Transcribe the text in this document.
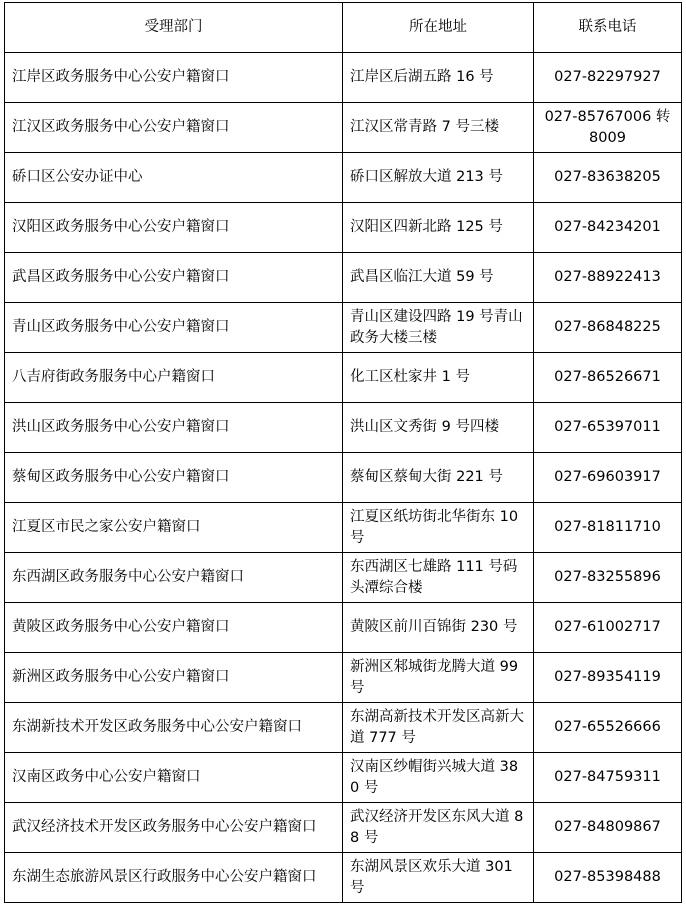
受理部门	所在地址	联系电话
江岸区政务服务中心公安户籍窗口	江岸区后湖五路 16 号	027-82297927
江汉区政务服务中心公安户籍窗口	江汉区常青路 7 号三楼	027-85767006 转 8009
硚口区公安办证中心	硚口区解放大道 213 号	027-83638205
汉阳区政务服务中心公安户籍窗口	汉阳区四新北路 125 号	027-84234201
武昌区政务服务中心公安户籍窗口	武昌区临江大道 59 号	027-88922413
青山区政务服务中心公安户籍窗口	青山区建设四路 19 号青山政务大楼三楼	027-86848225
八吉府街政务服务中心户籍窗口	化工区杜家井 1 号	027-86526671
洪山区政务服务中心公安户籍窗口	洪山区文秀街 9 号四楼	027-65397011
蔡甸区政务服务中心公安户籍窗口	蔡甸区蔡甸大街 221 号	027-69603917
江夏区市民之家公安户籍窗口	江夏区纸坊街北华街东 10 号	027-81811710
东西湖区政务服务中心公安户籍窗口	东西湖区七雄路 111 号码头潭综合楼	027-83255896
黄陂区政务服务中心公安户籍窗口	黄陂区前川百锦街 230 号	027-61002717
新洲区政务服务中心公安户籍窗口	新洲区邾城街龙腾大道 99 号	027-89354119
东湖新技术开发区政务服务中心公安户籍窗口	东湖高新技术开发区高新大道 777 号	027-65526666
汉南区政务中心公安户籍窗口	汉南区纱帽街兴城大道 380 号	027-84759311
武汉经济技术开发区政务服务中心公安户籍窗口	武汉经济开发区东风大道 88 号	027-84809867
东湖生态旅游风景区行政服务中心公安户籍窗口	东湖风景区欢乐大道 301 号	027-85398488
